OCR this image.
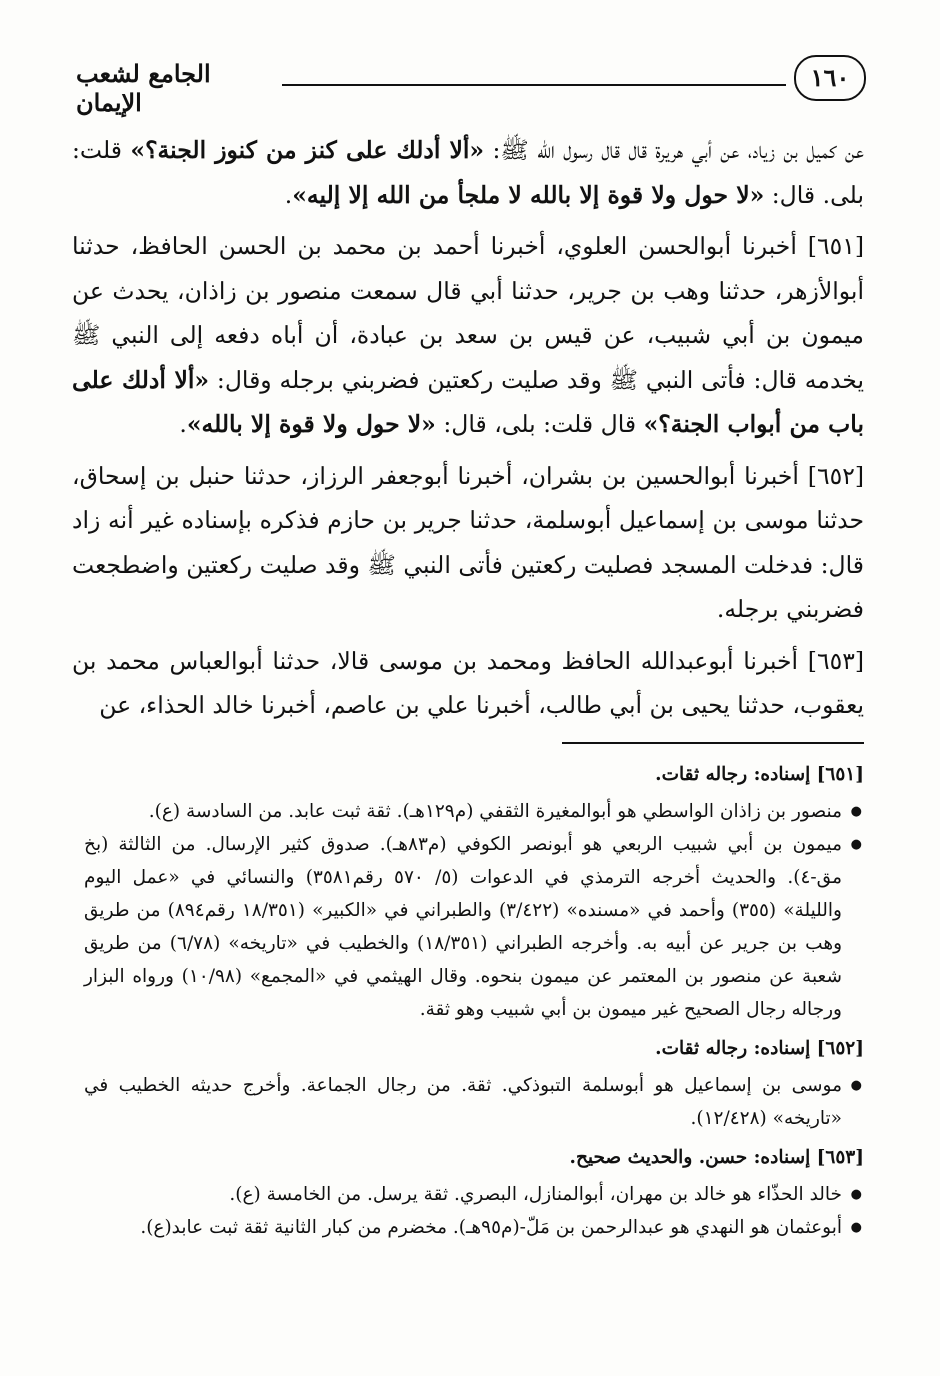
١٦٠
الجامع لشعب الإيمان

عن كميل بن زياد، عن أبي هريرة قال قال رسول الله ﷺ: «ألا أدلك على كنز من كنوز الجنة؟» قلت: بلى. قال: «لا حول ولا قوة إلا بالله لا ملجأ من الله إلا إليه».

[٦٥١] أخبرنا أبوالحسن العلوي، أخبرنا أحمد بن محمد بن الحسن الحافظ، حدثنا أبوالأزهر، حدثنا وهب بن جرير، حدثنا أبي قال سمعت منصور بن زاذان، يحدث عن ميمون بن أبي شبيب، عن قيس بن سعد بن عبادة، أن أباه دفعه إلى النبي ﷺ يخدمه قال: فأتى النبي ﷺ وقد صليت ركعتين فضربني برجله وقال: «ألا أدلك على باب من أبواب الجنة؟» قال قلت: بلى، قال: «لا حول ولا قوة إلا بالله».

[٦٥٢] أخبرنا أبوالحسين بن بشران، أخبرنا أبوجعفر الرزاز، حدثنا حنبل بن إسحاق، حدثنا موسى بن إسماعيل أبوسلمة، حدثنا جرير بن حازم فذكره بإسناده غير أنه زاد قال: فدخلت المسجد فصليت ركعتين فأتى النبي ﷺ وقد صليت ركعتين واضطجعت فضربني برجله.

[٦٥٣] أخبرنا أبوعبدالله الحافظ ومحمد بن موسى قالا، حدثنا أبوالعباس محمد بن يعقوب، حدثنا يحيى بن أبي طالب، أخبرنا علي بن عاصم، أخبرنا خالد الحذاء، عن

[٦٥١] إسناده: رجاله ثقات.
● منصور بن زاذان الواسطي هو أبوالمغيرة الثقفي (م١٢٩هـ). ثقة ثبت عابد. من السادسة (ع).
● ميمون بن أبي شبيب الربعي هو أبونصر الكوفي (م٨٣هـ). صدوق كثير الإرسال. من الثالثة (بخ مق-٤). والحديث أخرجه الترمذي في الدعوات (٥/ ٥٧٠ رقم٣٥٨١) والنسائي في «عمل اليوم والليلة» (٣٥٥) وأحمد في «مسنده» (٣/٤٢٢) والطبراني في «الكبير» (١٨/٣٥١ رقم٨٩٤) من طريق وهب بن جرير عن أبيه به. وأخرجه الطبراني (١٨/٣٥١) والخطيب في «تاريخه» (٦/٧٨) من طريق شعبة عن منصور بن المعتمر عن ميمون بنحوه. وقال الهيثمي في «المجمع» (١٠/٩٨) ورواه البزار ورجاله رجال الصحيح غير ميمون بن أبي شبيب وهو ثقة.
[٦٥٢] إسناده: رجاله ثقات.
● موسى بن إسماعيل هو أبوسلمة التبوذكي. ثقة. من رجال الجماعة. وأخرج حديثه الخطيب في «تاريخه» (١٢/٤٢٨).
[٦٥٣] إسناده: حسن. والحديث صحيح.
● خالد الحذّاء هو خالد بن مهران، أبوالمنازل، البصري. ثقة يرسل. من الخامسة (ع).
● أبوعثمان هو النهدي هو عبدالرحمن بن مَلّ-(م٩٥هـ). مخضرم من كبار الثانية ثقة ثبت عابد(ع).
